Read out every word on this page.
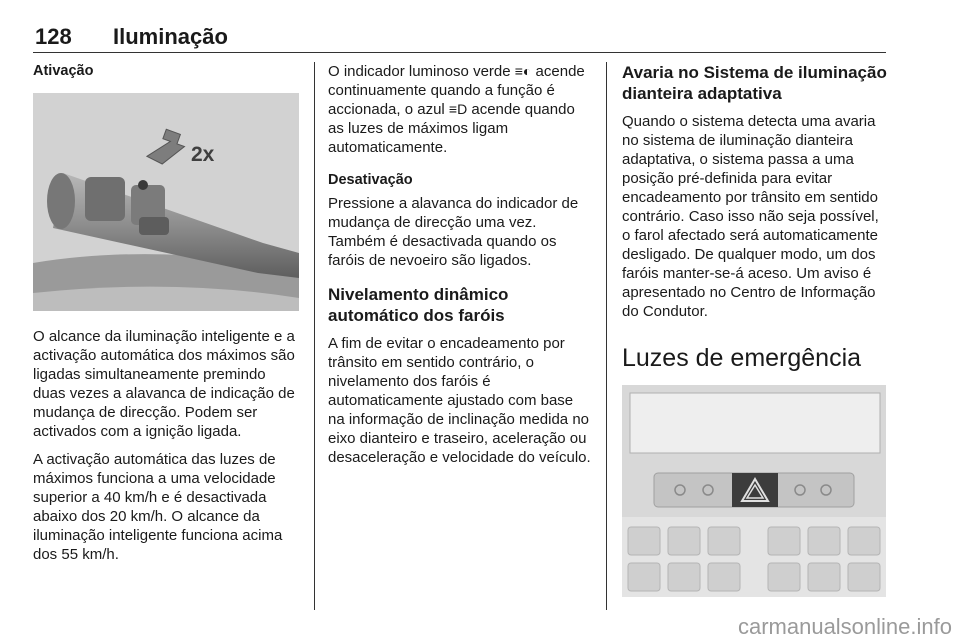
128 Iluminação
Ativação
2x

O alcance da iluminação inteligente e a activação automática dos máximos são ligadas simultaneamente premindo duas vezes a alavanca de indicação de mudança de direcção. Podem ser activados com a ignição ligada.

A activação automática das luzes de máximos funciona a uma velocidade superior a 40 km/h e é desactivada abaixo dos 20 km/h. O alcance da iluminação inteligente funciona acima dos 55 km/h.

O indicador luminoso verde ≡◐ acende continuamente quando a função é accionada, o azul ≡D acende quando as luzes de máximos ligam automaticamente.

Desativação

Pressione a alavanca do indicador de mudança de direcção uma vez. Também é desactivada quando os faróis de nevoeiro são ligados.

Nivelamento dinâmico automático dos faróis

A fim de evitar o encadeamento por trânsito em sentido contrário, o nivelamento dos faróis é automaticamente ajustado com base na informação de inclinação medida no eixo dianteiro e traseiro, aceleração ou desaceleração e velocidade do veículo.

Avaria no Sistema de iluminação dianteira adaptativa

Quando o sistema detecta uma avaria no sistema de iluminação dianteira adaptativa, o sistema passa a uma posição pré-definida para evitar encadeamento por trânsito em sentido contrário. Caso isso não seja possível, o farol afectado será automaticamente desligado. De qualquer modo, um dos faróis manter-se-á aceso. Um aviso é apresentado no Centro de Informação do Condutor.

Luzes de emergência
carmanualsonline.info
